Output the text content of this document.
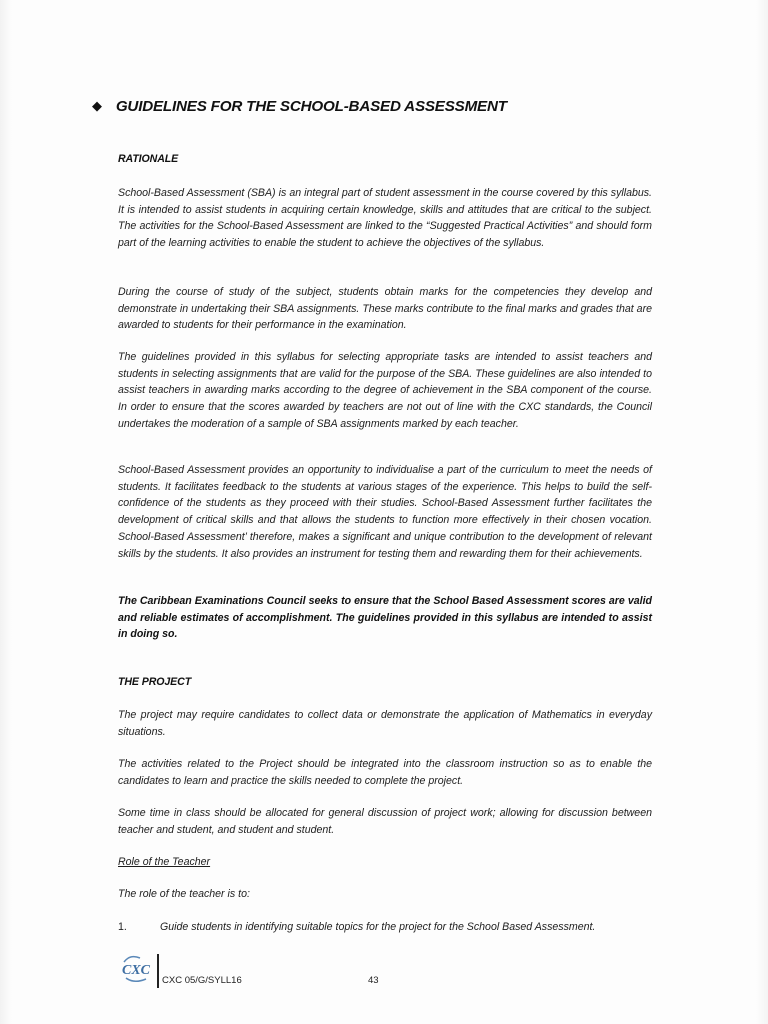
◆ GUIDELINES FOR THE SCHOOL-BASED ASSESSMENT
RATIONALE

School-Based Assessment (SBA) is an integral part of student assessment in the course covered by this syllabus. It is intended to assist students in acquiring certain knowledge, skills and attitudes that are critical to the subject. The activities for the School-Based Assessment are linked to the “Suggested Practical Activities” and should form part of the learning activities to enable the student to achieve the objectives of the syllabus.

During the course of study of the subject, students obtain marks for the competencies they develop and demonstrate in undertaking their SBA assignments. These marks contribute to the final marks and grades that are awarded to students for their performance in the examination.

The guidelines provided in this syllabus for selecting appropriate tasks are intended to assist teachers and students in selecting assignments that are valid for the purpose of the SBA. These guidelines are also intended to assist teachers in awarding marks according to the degree of achievement in the SBA component of the course. In order to ensure that the scores awarded by teachers are not out of line with the CXC standards, the Council undertakes the moderation of a sample of SBA assignments marked by each teacher.

School-Based Assessment provides an opportunity to individualise a part of the curriculum to meet the needs of students. It facilitates feedback to the students at various stages of the experience. This helps to build the self-confidence of the students as they proceed with their studies. School-Based Assessment further facilitates the development of critical skills and that allows the students to function more effectively in their chosen vocation. School-Based Assessment’ therefore, makes a significant and unique contribution to the development of relevant skills by the students. It also provides an instrument for testing them and rewarding them for their achievements.

The Caribbean Examinations Council seeks to ensure that the School Based Assessment scores are valid and reliable estimates of accomplishment. The guidelines provided in this syllabus are intended to assist in doing so.

THE PROJECT

The project may require candidates to collect data or demonstrate the application of Mathematics in everyday situations.

The activities related to the Project should be integrated into the classroom instruction so as to enable the candidates to learn and practice the skills needed to complete the project.

Some time in class should be allocated for general discussion of project work; allowing for discussion between teacher and student, and student and student.

Role of the Teacher

The role of the teacher is to:

1.	Guide students in identifying suitable topics for the project for the School Based Assessment.
CXC
CXC 05/G/SYLL16	43
